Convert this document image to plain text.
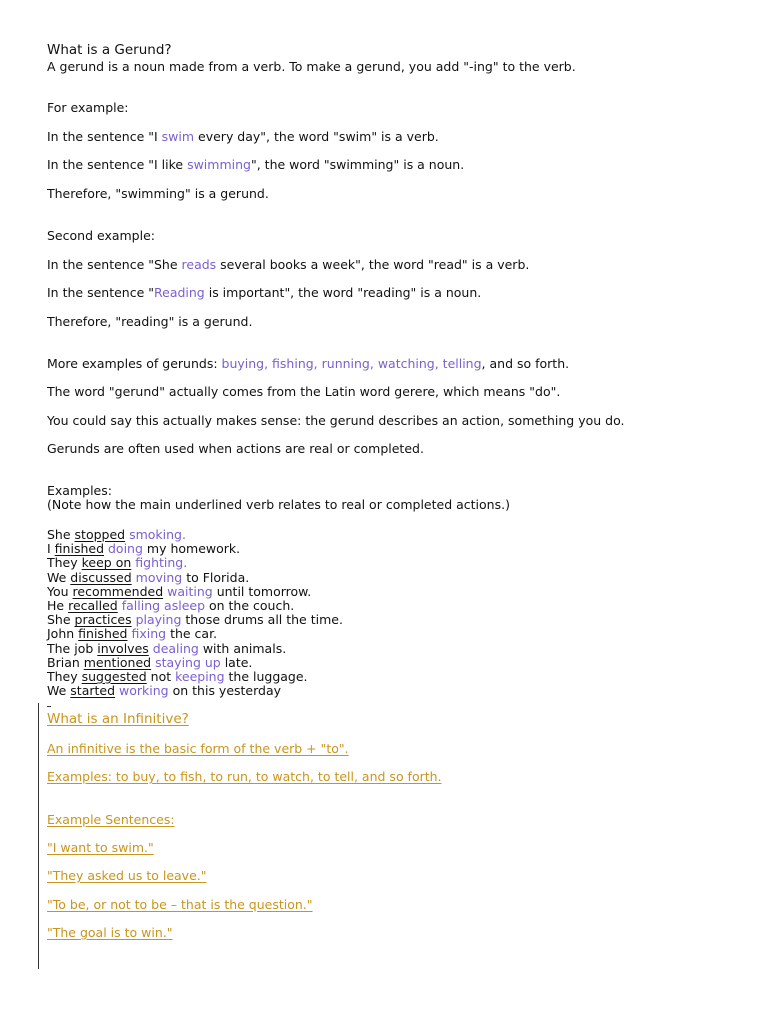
What is a Gerund?
A gerund is a noun made from a verb. To make a gerund, you add "-ing" to the verb.
For example:
In the sentence "I swim every day", the word "swim" is a verb.
In the sentence "I like swimming", the word "swimming" is a noun.
Therefore, "swimming" is a gerund.
Second example:
In the sentence "She reads several books a week", the word "read" is a verb.
In the sentence "Reading is important", the word "reading" is a noun.
Therefore, "reading" is a gerund.
More examples of gerunds: buying, fishing, running, watching, telling, and so forth.
The word "gerund" actually comes from the Latin word gerere, which means "do".
You could say this actually makes sense: the gerund describes an action, something you do.
Gerunds are often used when actions are real or completed.
Examples:
(Note how the main underlined verb relates to real or completed actions.)
She stopped smoking.
I finished doing my homework.
They keep on fighting.
We discussed moving to Florida.
You recommended waiting until tomorrow.
He recalled falling asleep on the couch.
She practices playing those drums all the time.
John finished fixing the car.
The job involves dealing with animals.
Brian mentioned staying up late.
They suggested not keeping the luggage.
We started working on this yesterday
What is an Infinitive?
An infinitive is the basic form of the verb + "to".
Examples: to buy, to fish, to run, to watch, to tell, and so forth.
Example Sentences:
"I want to swim."
"They asked us to leave."
"To be, or not to be – that is the question."
"The goal is to win."
